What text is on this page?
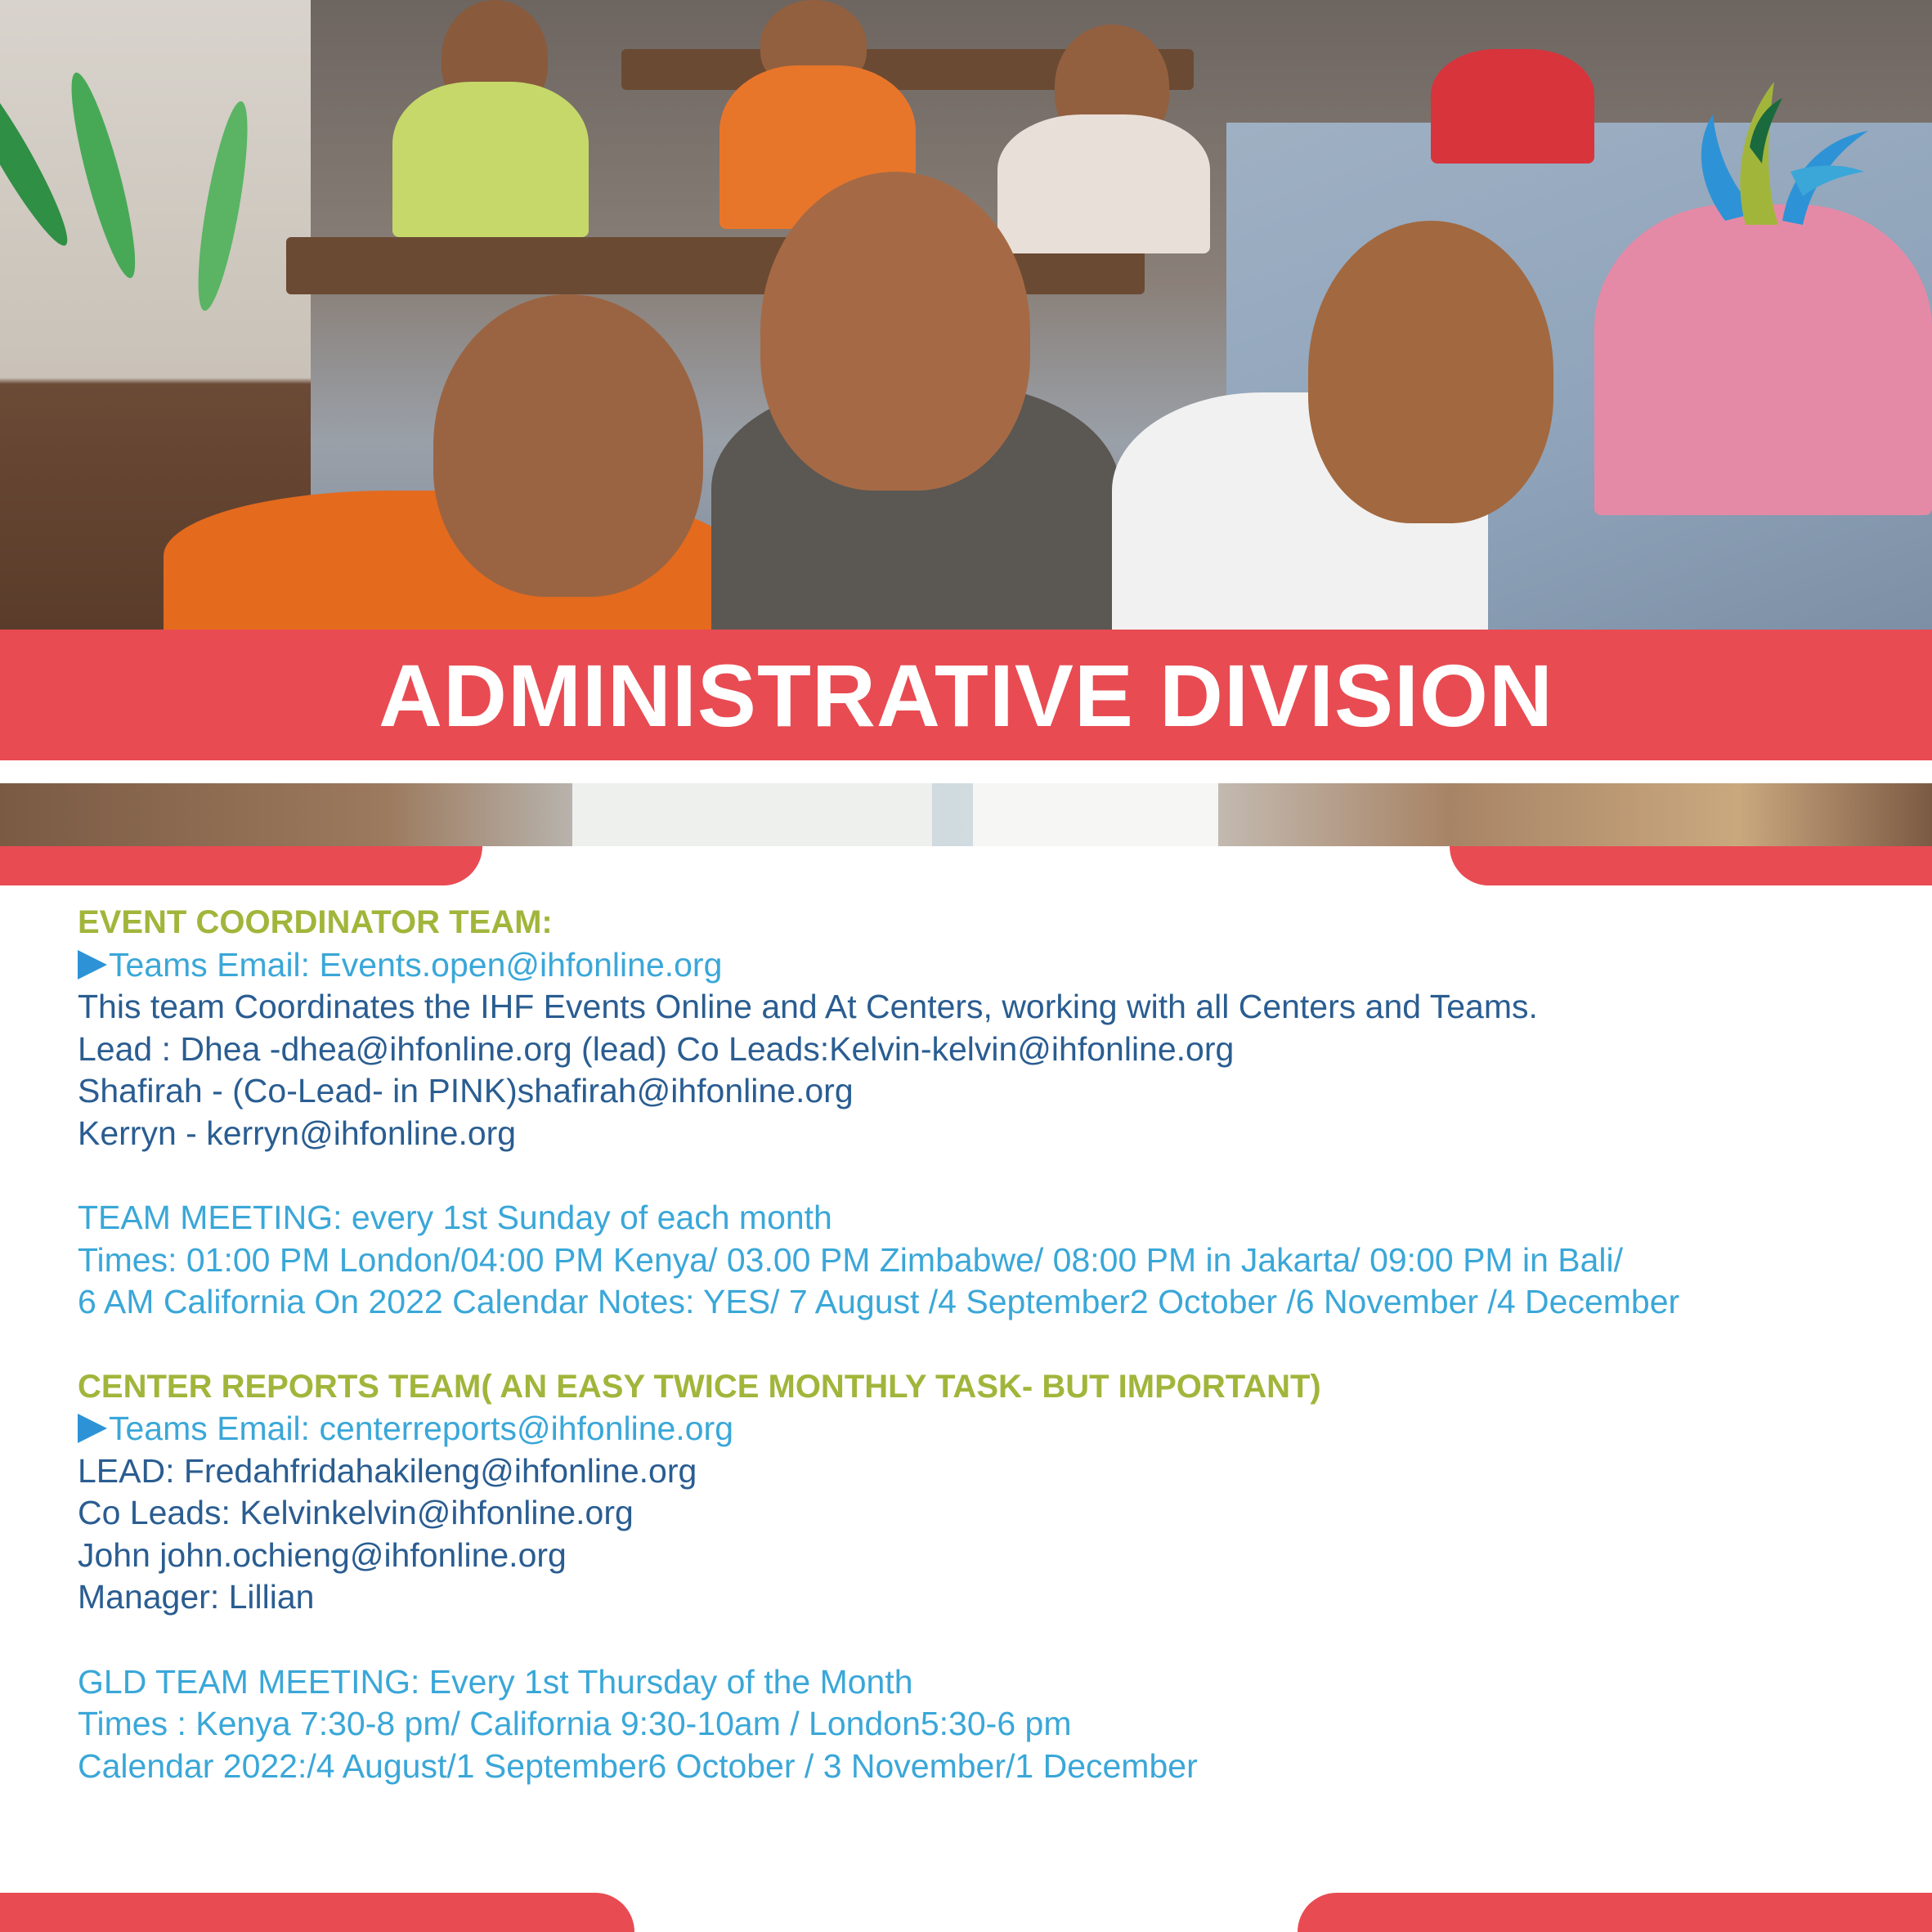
ADMINISTRATIVE DIVISION
EVENT COORDINATOR TEAM:
Teams Email: Events.open@ihfonline.org
This team Coordinates the IHF Events Online and At Centers, working with all Centers and Teams.
Lead : Dhea -dhea@ihfonline.org (lead) Co Leads:Kelvin-kelvin@ihfonline.org
Shafirah - (Co-Lead- in PINK)shafirah@ihfonline.org
Kerryn - kerryn@ihfonline.org
TEAM MEETING: every 1st Sunday of each month
Times: 01:00 PM London/04:00 PM Kenya/ 03.00 PM Zimbabwe/ 08:00 PM in Jakarta/ 09:00 PM in Bali/
6 AM California On 2022 Calendar Notes: YES/ 7 August /4 September2 October /6 November /4 December
CENTER REPORTS TEAM( AN EASY TWICE MONTHLY TASK- BUT IMPORTANT)
Teams Email: centerreports@ihfonline.org
LEAD: Fredahfridahakileng@ihfonline.org
Co Leads: Kelvinkelvin@ihfonline.org
John john.ochieng@ihfonline.org
Manager: Lillian
GLD TEAM MEETING: Every 1st Thursday of the Month
Times : Kenya 7:30-8 pm/ California 9:30-10am / London5:30-6 pm
Calendar 2022:/4 August/1 September6 October / 3 November/1 December
